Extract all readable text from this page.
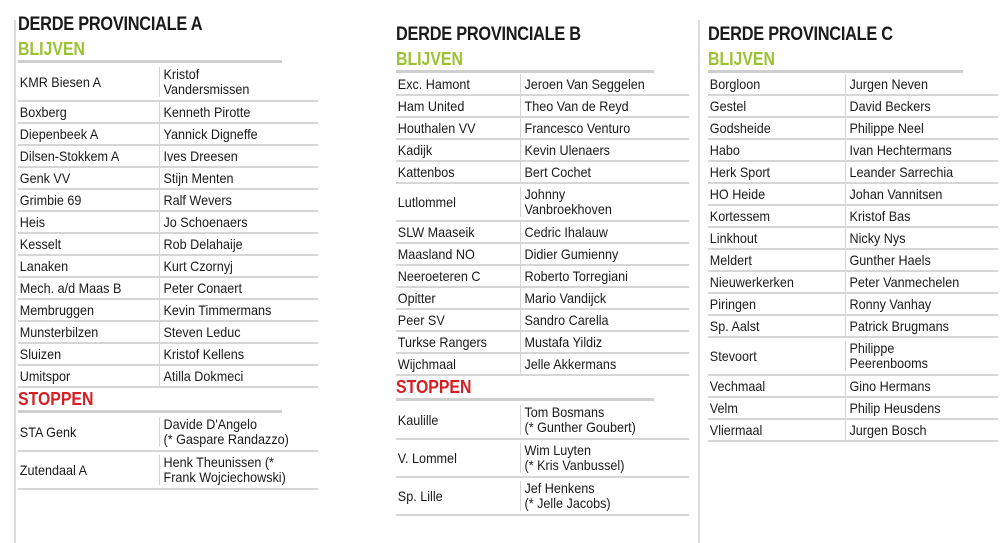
DERDE PROVINCIALE A
BLIJVEN
KMR Biesen A	Kristof
Vandersmissen
Boxberg	Kenneth Pirotte
Diepenbeek A	Yannick Digneffe
Dilsen-Stokkem A	Ives Dreesen
Genk VV	Stijn Menten
Grimbie 69	Ralf Wevers
Heis	Jo Schoenaers
Kesselt	Rob Delahaije
Lanaken	Kurt Czornyj
Mech. a/d Maas B	Peter Conaert
Membruggen	Kevin Timmermans
Munsterbilzen	Steven Leduc
Sluizen	Kristof Kellens
Umitspor	Atilla Dokmeci
STOPPEN
STA Genk	Davide D'Angelo
(* Gaspare Randazzo)
Zutendaal A	Henk Theunissen (*
Frank Wojciechowski)
DERDE PROVINCIALE B
BLIJVEN
Exc. Hamont	Jeroen Van Seggelen
Ham United	Theo Van de Reyd
Houthalen VV	Francesco Venturo
Kadijk	Kevin Ulenaers
Kattenbos	Bert Cochet
Lutlommel	Johnny
Vanbroekhoven
SLW Maaseik	Cedric Ihalauw
Maasland NO	Didier Gumienny
Neeroeteren C	Roberto Torregiani
Opitter	Mario Vandijck
Peer SV	Sandro Carella
Turkse Rangers	Mustafa Yildiz
Wijchmaal	Jelle Akkermans
STOPPEN
Kaulille	Tom Bosmans
(* Gunther Goubert)
V. Lommel	Wim Luyten
(* Kris Vanbussel)
Sp. Lille	Jef Henkens
(* Jelle Jacobs)
DERDE PROVINCIALE C
BLIJVEN
Borgloon	Jurgen Neven
Gestel	David Beckers
Godsheide	Philippe Neel
Habo	Ivan Hechtermans
Herk Sport	Leander Sarrechia
HO Heide	Johan Vannitsen
Kortessem	Kristof Bas
Linkhout	Nicky Nys
Meldert	Gunther Haels
Nieuwerkerken	Peter Vanmechelen
Piringen	Ronny Vanhay
Sp. Aalst	Patrick Brugmans
Stevoort	Philippe
Peerenbooms
Vechmaal	Gino Hermans
Velm	Philip Heusdens
Vliermaal	Jurgen Bosch
